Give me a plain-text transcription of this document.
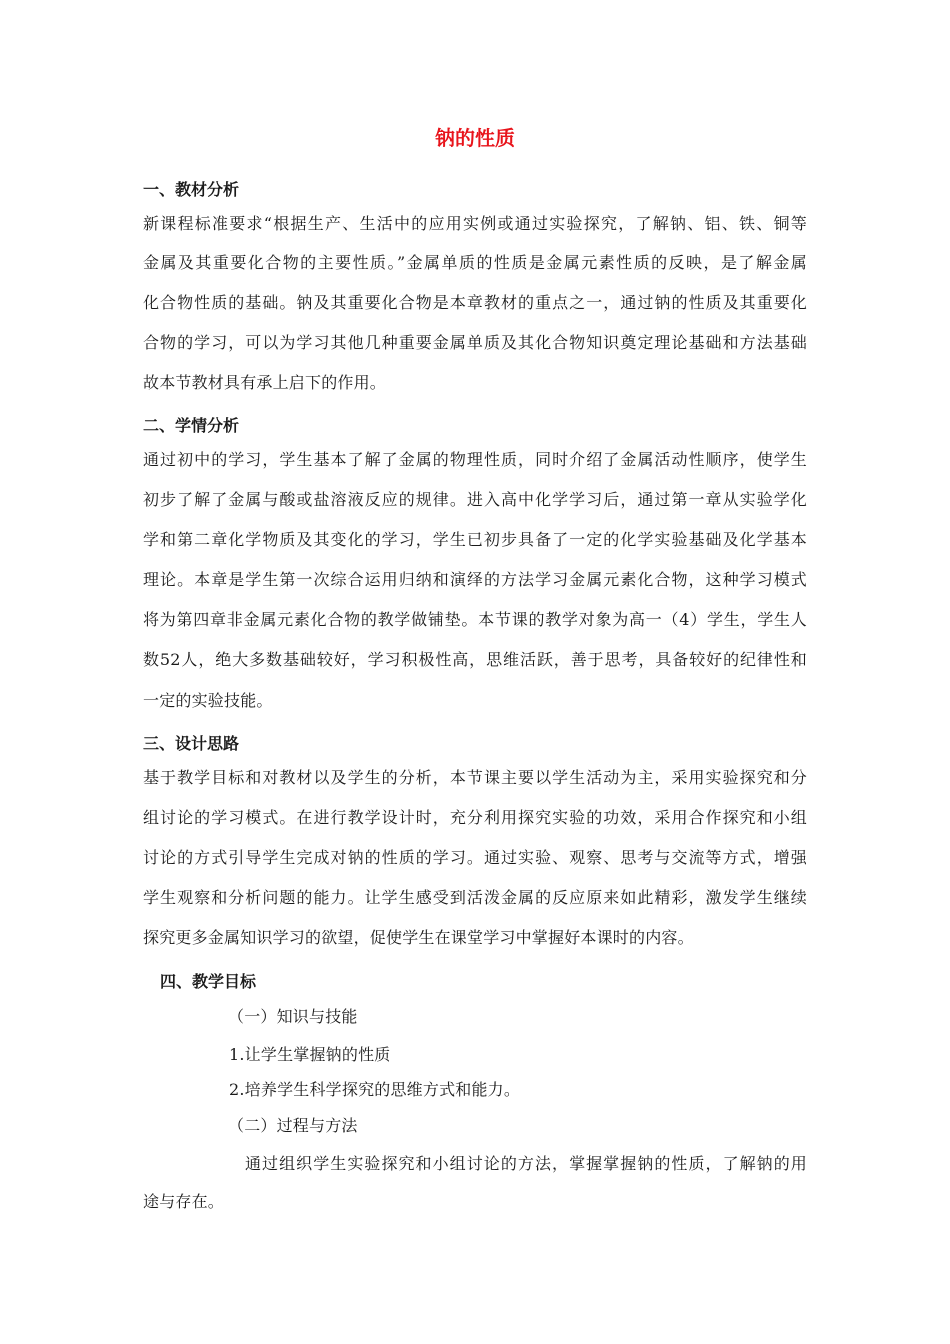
钠的性质
一、教材分析
新课程标准要求“根据生产、生活中的应用实例或通过实验探究，了解钠、铝、铁、铜等
金属及其重要化合物的主要性质。”金属单质的性质是金属元素性质的反映，是了解金属
化合物性质的基础。钠及其重要化合物是本章教材的重点之一，通过钠的性质及其重要化
合物的学习，可以为学习其他几种重要金属单质及其化合物知识奠定理论基础和方法基础
故本节教材具有承上启下的作用。
二、学情分析
通过初中的学习，学生基本了解了金属的物理性质，同时介绍了金属活动性顺序，使学生
初步了解了金属与酸或盐溶液反应的规律。进入高中化学学习后，通过第一章从实验学化
学和第二章化学物质及其变化的学习，学生已初步具备了一定的化学实验基础及化学基本
理论。本章是学生第一次综合运用归纳和演绎的方法学习金属元素化合物，这种学习模式
将为第四章非金属元素化合物的教学做铺垫。本节课的教学对象为高一（4）学生，学生人
数52人，绝大多数基础较好，学习积极性高，思维活跃，善于思考，具备较好的纪律性和
一定的实验技能。
三、设计思路
基于教学目标和对教材以及学生的分析，本节课主要以学生活动为主，采用实验探究和分
组讨论的学习模式。在进行教学设计时，充分利用探究实验的功效，采用合作探究和小组
讨论的方式引导学生完成对钠的性质的学习。通过实验、观察、思考与交流等方式，增强
学生观察和分析问题的能力。让学生感受到活泼金属的反应原来如此精彩，激发学生继续
探究更多金属知识学习的欲望，促使学生在课堂学习中掌握好本课时的内容。
四、教学目标
（一）知识与技能
1.让学生掌握钠的性质
2.培养学生科学探究的思维方式和能力。
（二）过程与方法
通过组织学生实验探究和小组讨论的方法，掌握掌握钠的性质，了解钠的用
途与存在。
